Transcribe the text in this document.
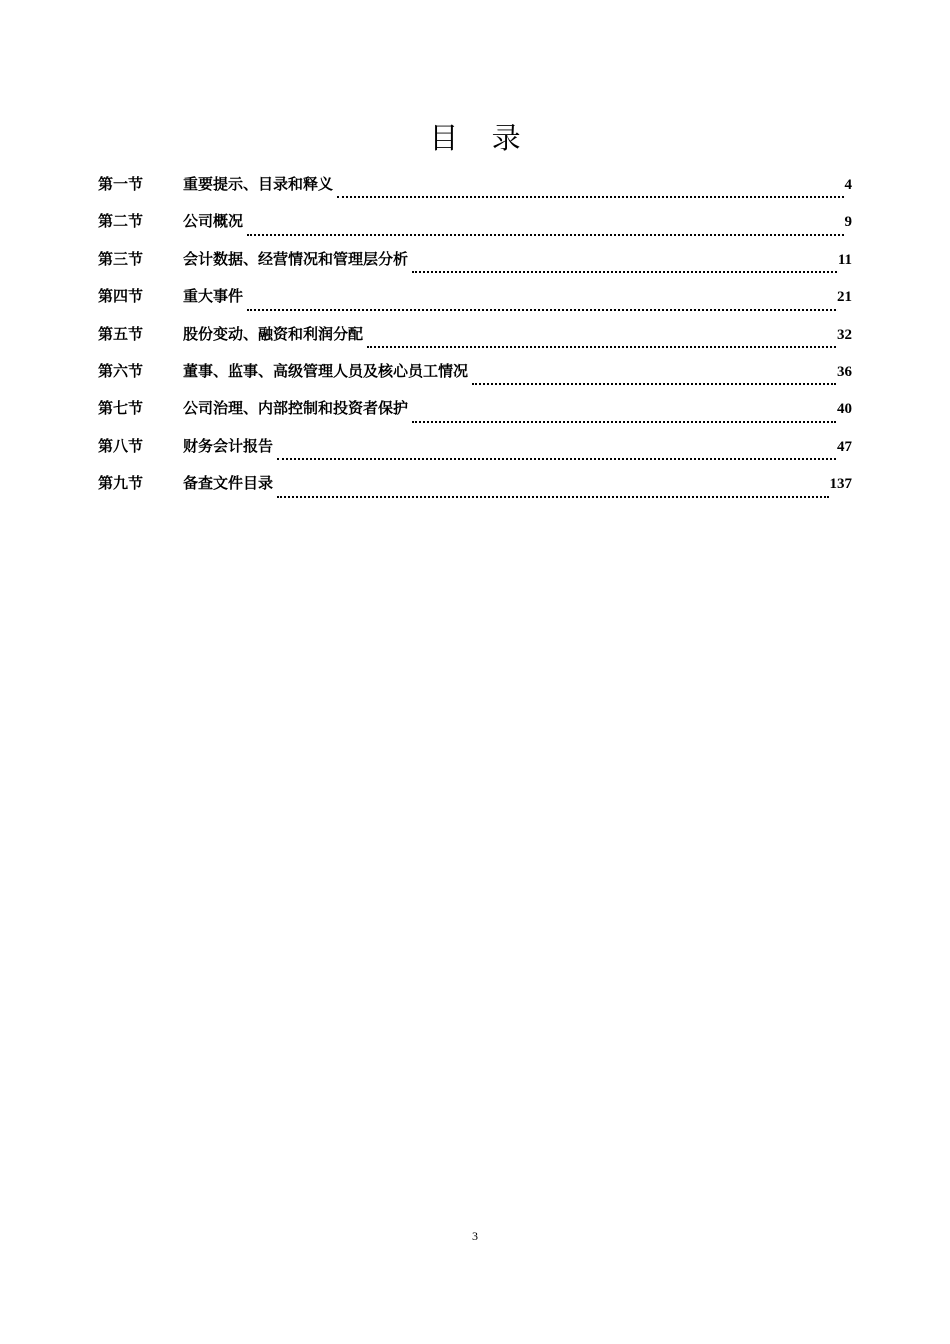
目 录
第一节	重要提示、目录和释义	4
第二节	公司概况	9
第三节	会计数据、经营情况和管理层分析	11
第四节	重大事件	21
第五节	股份变动、融资和利润分配	32
第六节	董事、监事、高级管理人员及核心员工情况	36
第七节	公司治理、内部控制和投资者保护	40
第八节	财务会计报告	47
第九节	备查文件目录	137
3
